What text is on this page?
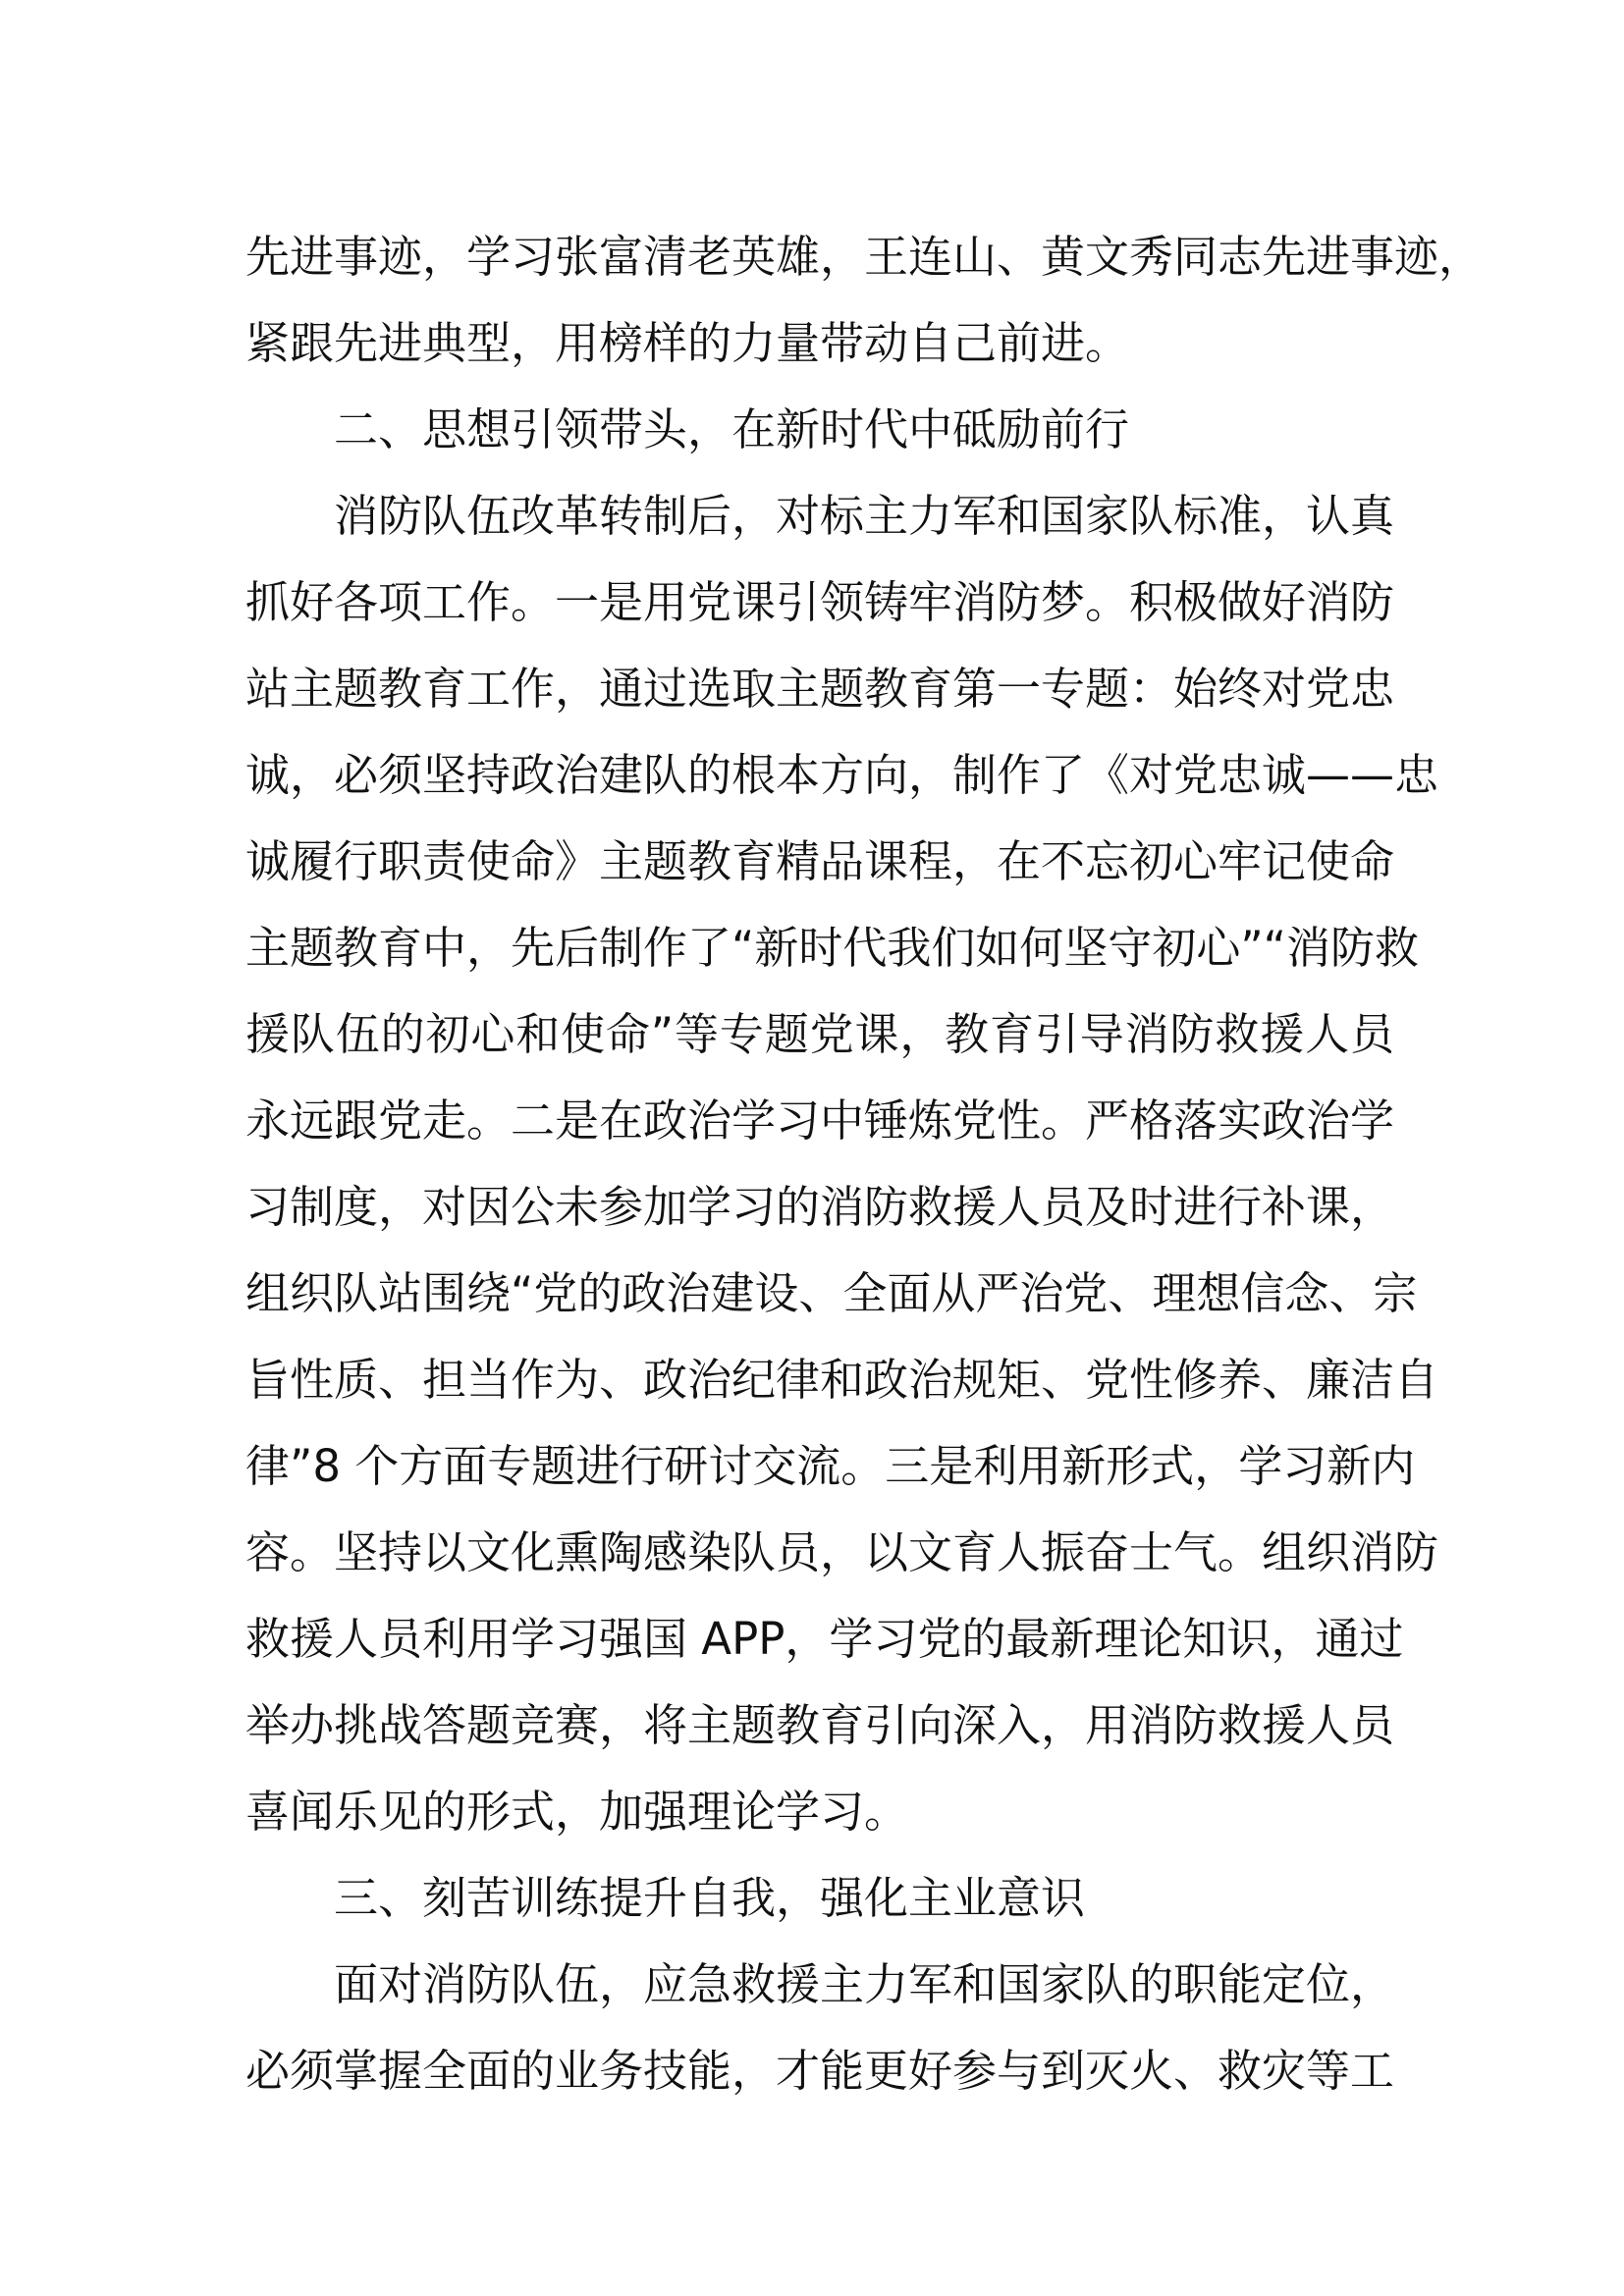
先进事迹，学习张富清老英雄，王连山、黄文秀同志先进事迹，
紧跟先进典型，用榜样的力量带动自己前进。
二、思想引领带头，在新时代中砥励前行
消防队伍改革转制后，对标主力军和国家队标准，认真
抓好各项工作。一是用党课引领铸牢消防梦。积极做好消防
站主题教育工作，通过选取主题教育第一专题：始终对党忠
诚，必须坚持政治建队的根本方向，制作了《对党忠诚——忠
诚履行职责使命》主题教育精品课程，在不忘初心牢记使命
主题教育中，先后制作了“新时代我们如何坚守初心”“消防救
援队伍的初心和使命”等专题党课，教育引导消防救援人员
永远跟党走。二是在政治学习中锤炼党性。严格落实政治学
习制度，对因公未参加学习的消防救援人员及时进行补课，
组织队站围绕“党的政治建设、全面从严治党、理想信念、宗
旨性质、担当作为、政治纪律和政治规矩、党性修养、廉洁自
律”8 个方面专题进行研讨交流。三是利用新形式，学习新内
容。坚持以文化熏陶感染队员，以文育人振奋士气。组织消防
救援人员利用学习强国 APP，学习党的最新理论知识，通过
举办挑战答题竞赛，将主题教育引向深入，用消防救援人员
喜闻乐见的形式，加强理论学习。
三、刻苦训练提升自我，强化主业意识
面对消防队伍，应急救援主力军和国家队的职能定位，
必须掌握全面的业务技能，才能更好参与到灭火、救灾等工
